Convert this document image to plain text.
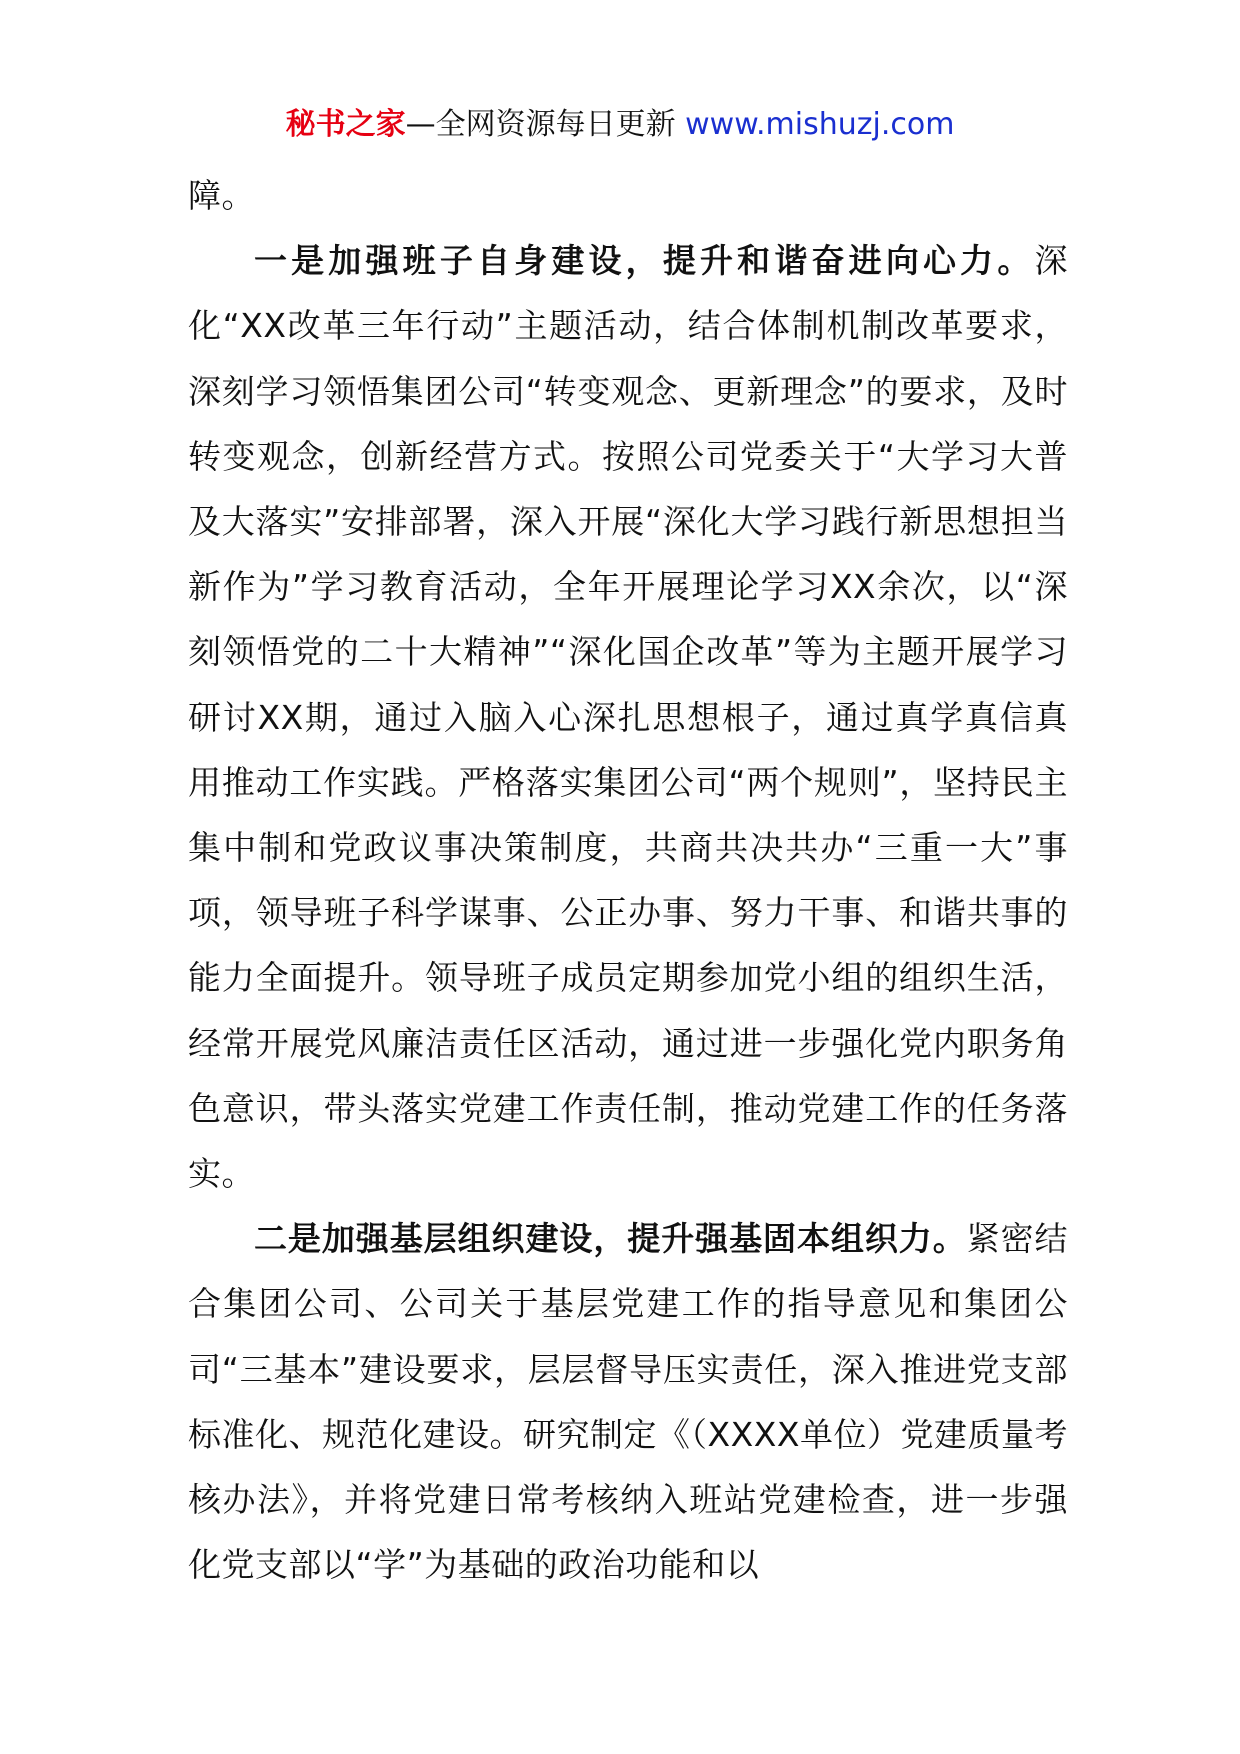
秘书之家—全网资源每日更新 www.mishuzj.com

障。

一是加强班子自身建设，提升和谐奋进向心力。深化“XX改革三年行动”主题活动，结合体制机制改革要求，深刻学习领悟集团公司“转变观念、更新理念”的要求，及时转变观念，创新经营方式。按照公司党委关于“大学习大普及大落实”安排部署，深入开展“深化大学习践行新思想担当新作为”学习教育活动，全年开展理论学习XX余次，以“深刻领悟党的二十大精神”“深化国企改革”等为主题开展学习研讨XX期，通过入脑入心深扎思想根子，通过真学真信真用推动工作实践。严格落实集团公司“两个规则”，坚持民主集中制和党政议事决策制度，共商共决共办“三重一大”事项，领导班子科学谋事、公正办事、努力干事、和谐共事的能力全面提升。领导班子成员定期参加党小组的组织生活，经常开展党风廉洁责任区活动，通过进一步强化党内职务角色意识，带头落实党建工作责任制，推动党建工作的任务落实。

二是加强基层组织建设，提升强基固本组织力。紧密结合集团公司、公司关于基层党建工作的指导意见和集团公司“三基本”建设要求，层层督导压实责任，深入推进党支部标准化、规范化建设。研究制定《（XXXX单位）党建质量考核办法》，并将党建日常考核纳入班站党建检查，进一步强化党支部以“学”为基础的政治功能和以
